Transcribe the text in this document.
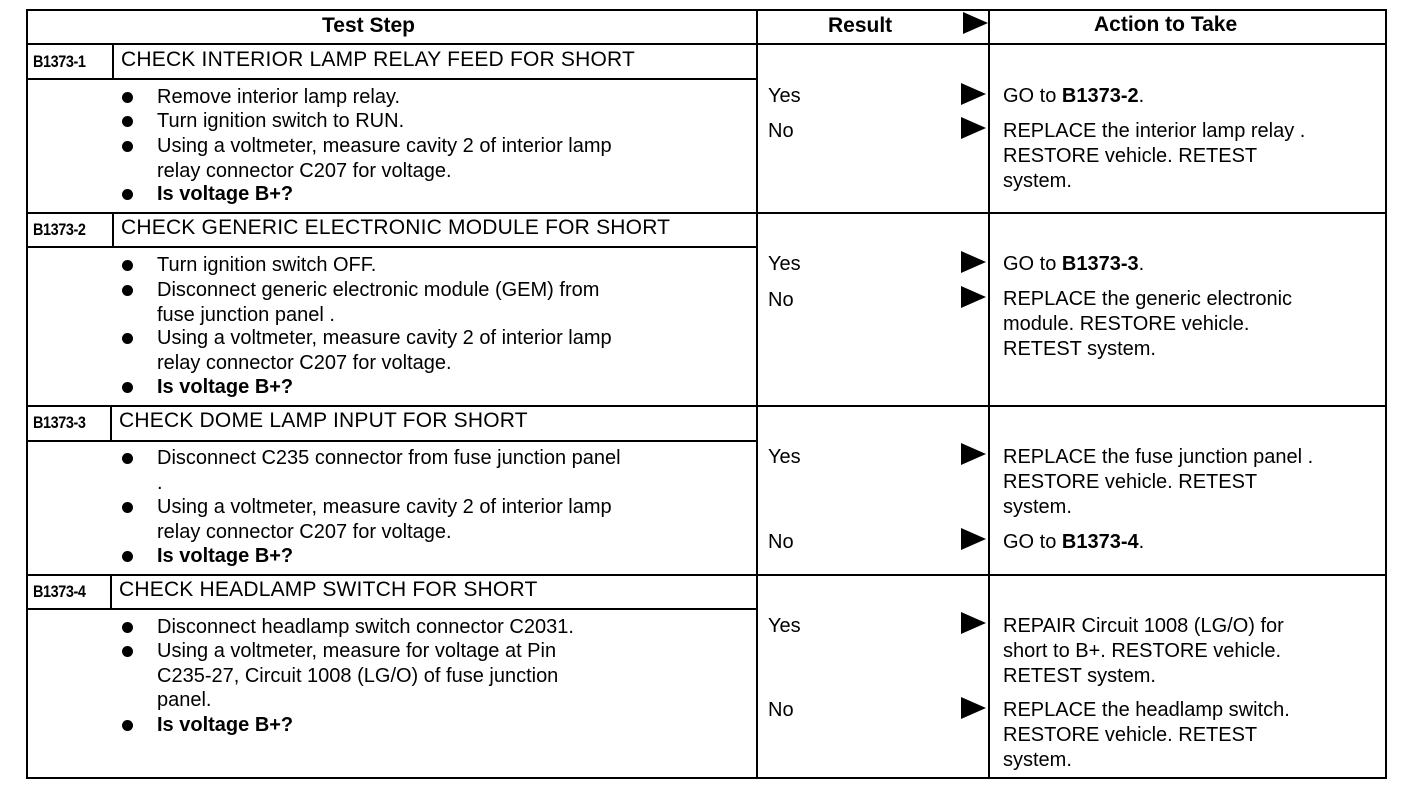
Test Step	Result	Action to Take
B1373-1 CHECK INTERIOR LAMP RELAY FEED FOR SHORT
Remove interior lamp relay.
Turn ignition switch to RUN.
Using a voltmeter, measure cavity 2 of interior lamp
relay connector C207 for voltage.
Is voltage B+?
Yes	GO to B1373-2.
No	REPLACE the interior lamp relay .
RESTORE vehicle. RETEST
system.
B1373-2 CHECK GENERIC ELECTRONIC MODULE FOR SHORT
Turn ignition switch OFF.
Disconnect generic electronic module (GEM) from
fuse junction panel .
Using a voltmeter, measure cavity 2 of interior lamp
relay connector C207 for voltage.
Is voltage B+?
Yes	GO to B1373-3.
No	REPLACE the generic electronic
module. RESTORE vehicle.
RETEST system.
B1373-3 CHECK DOME LAMP INPUT FOR SHORT
Disconnect C235 connector from fuse junction panel
.
Using a voltmeter, measure cavity 2 of interior lamp
relay connector C207 for voltage.
Is voltage B+?
Yes	REPLACE the fuse junction panel .
RESTORE vehicle. RETEST
system.
No	GO to B1373-4.
B1373-4 CHECK HEADLAMP SWITCH FOR SHORT
Disconnect headlamp switch connector C2031.
Using a voltmeter, measure for voltage at Pin
C235-27, Circuit 1008 (LG/O) of fuse junction
panel.
Is voltage B+?
Yes	REPAIR Circuit 1008 (LG/O) for
short to B+. RESTORE vehicle.
RETEST system.
No	REPLACE the headlamp switch.
RESTORE vehicle. RETEST
system.
